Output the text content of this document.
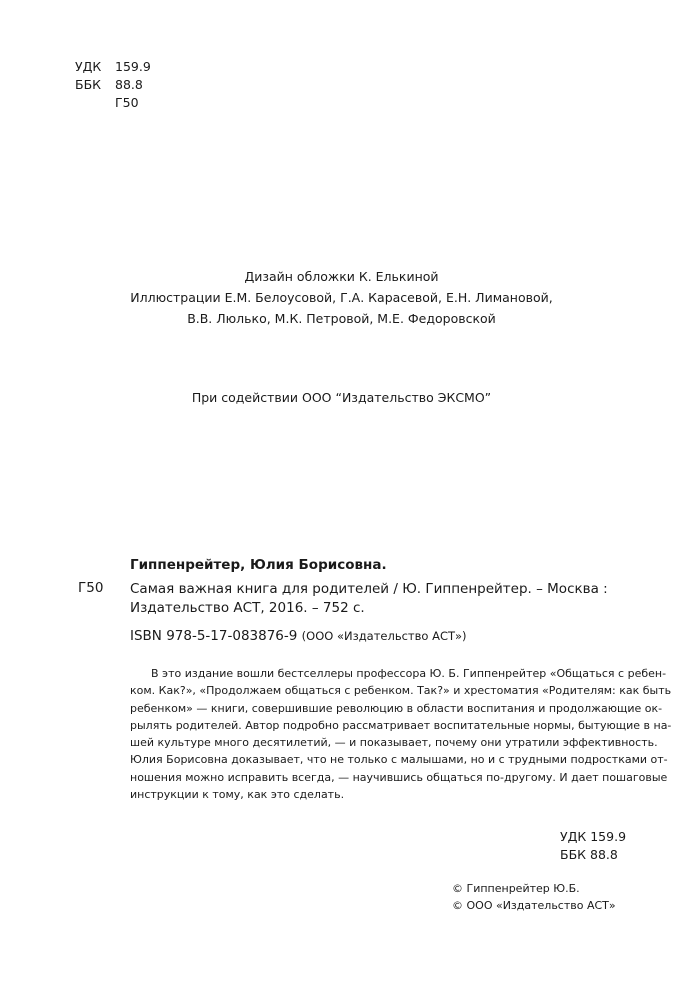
УДК	159.9
ББК	88.8
Г50
Дизайн обложки К. Елькиной
Иллюстрации Е.М. Белоусовой, Г.А. Карасевой, Е.Н. Лимановой,
В.В. Люлько, М.К. Петровой, М.Е. Федоровской
При содействии ООО “Издательство ЭКСМО”
Гиппенрейтер, Юлия Борисовна.
Г50 Самая важная книга для родителей / Ю. Гиппенрейтер. – Москва :
Издательство АСТ, 2016. – 752 с.
ISBN 978-5-17-083876-9 (ООО «Издательство АСТ»)
В это издание вошли бестселлеры профессора Ю. Б. Гиппенрейтер «Общаться с ребен-
ком. Как?», «Продолжаем общаться с ребенком. Так?» и хрестоматия «Родителям: как быть
ребенком» — книги, совершившие революцию в области воспитания и продолжающие ок-
рылять родителей. Автор подробно рассматривает воспитательные нормы, бытующие в на-
шей культуре много десятилетий, — и показывает, почему они утратили эффективность.
Юлия Борисовна доказывает, что не только с малышами, но и с трудными подростками от-
ношения можно исправить всегда, — научившись общаться по-другому. И дает пошаговые
инструкции к тому, как это сделать.
УДК 159.9
ББК 88.8
© Гиппенрейтер Ю.Б.
© ООО «Издательство АСТ»
